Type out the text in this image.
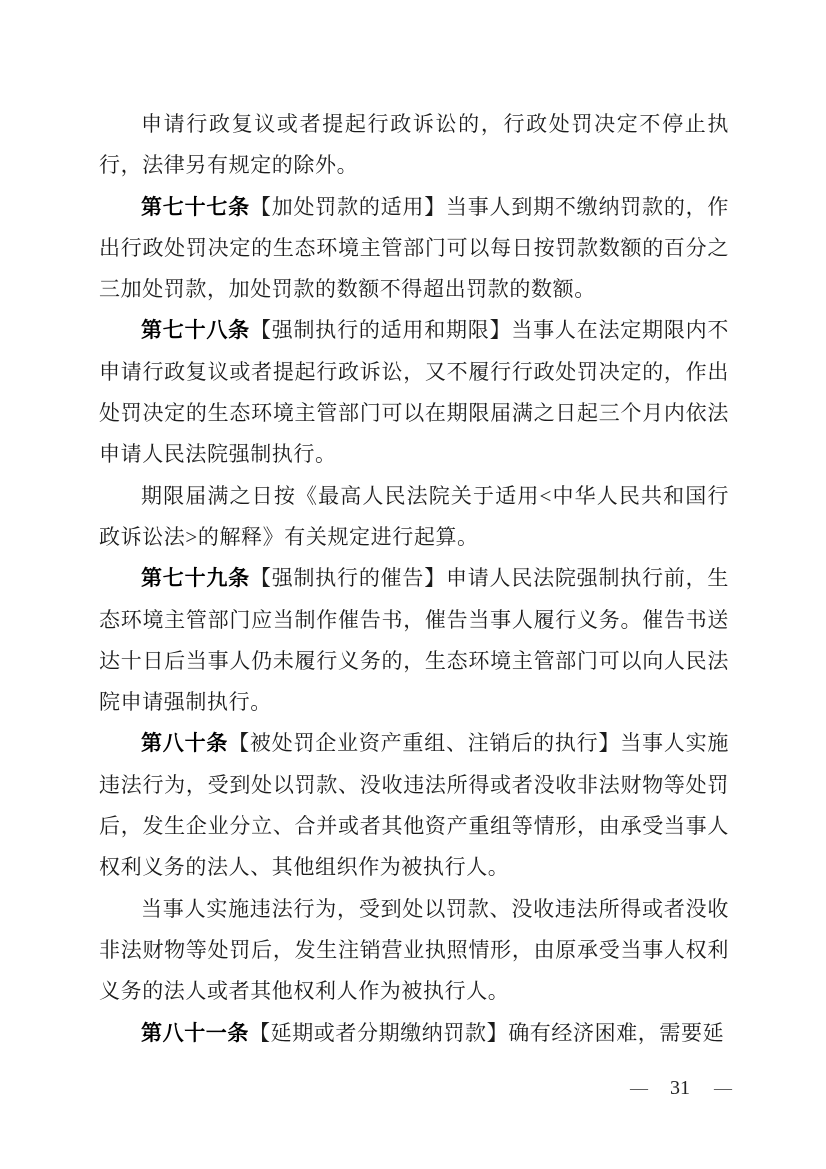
申请行政复议或者提起行政诉讼的，行政处罚决定不停止执行，法律另有规定的除外。

第七十七条【加处罚款的适用】当事人到期不缴纳罚款的，作出行政处罚决定的生态环境主管部门可以每日按罚款数额的百分之三加处罚款，加处罚款的数额不得超出罚款的数额。

第七十八条【强制执行的适用和期限】当事人在法定期限内不申请行政复议或者提起行政诉讼，又不履行行政处罚决定的，作出处罚决定的生态环境主管部门可以在期限届满之日起三个月内依法申请人民法院强制执行。

期限届满之日按《最高人民法院关于适用<中华人民共和国行政诉讼法>的解释》有关规定进行起算。

第七十九条【强制执行的催告】申请人民法院强制执行前，生态环境主管部门应当制作催告书，催告当事人履行义务。催告书送达十日后当事人仍未履行义务的，生态环境主管部门可以向人民法院申请强制执行。

第八十条【被处罚企业资产重组、注销后的执行】当事人实施违法行为，受到处以罚款、没收违法所得或者没收非法财物等处罚后，发生企业分立、合并或者其他资产重组等情形，由承受当事人权利义务的法人、其他组织作为被执行人。

当事人实施违法行为，受到处以罚款、没收违法所得或者没收非法财物等处罚后，发生注销营业执照情形，由原承受当事人权利义务的法人或者其他权利人作为被执行人。

第八十一条【延期或者分期缴纳罚款】确有经济困难，需要延

— 31 —
